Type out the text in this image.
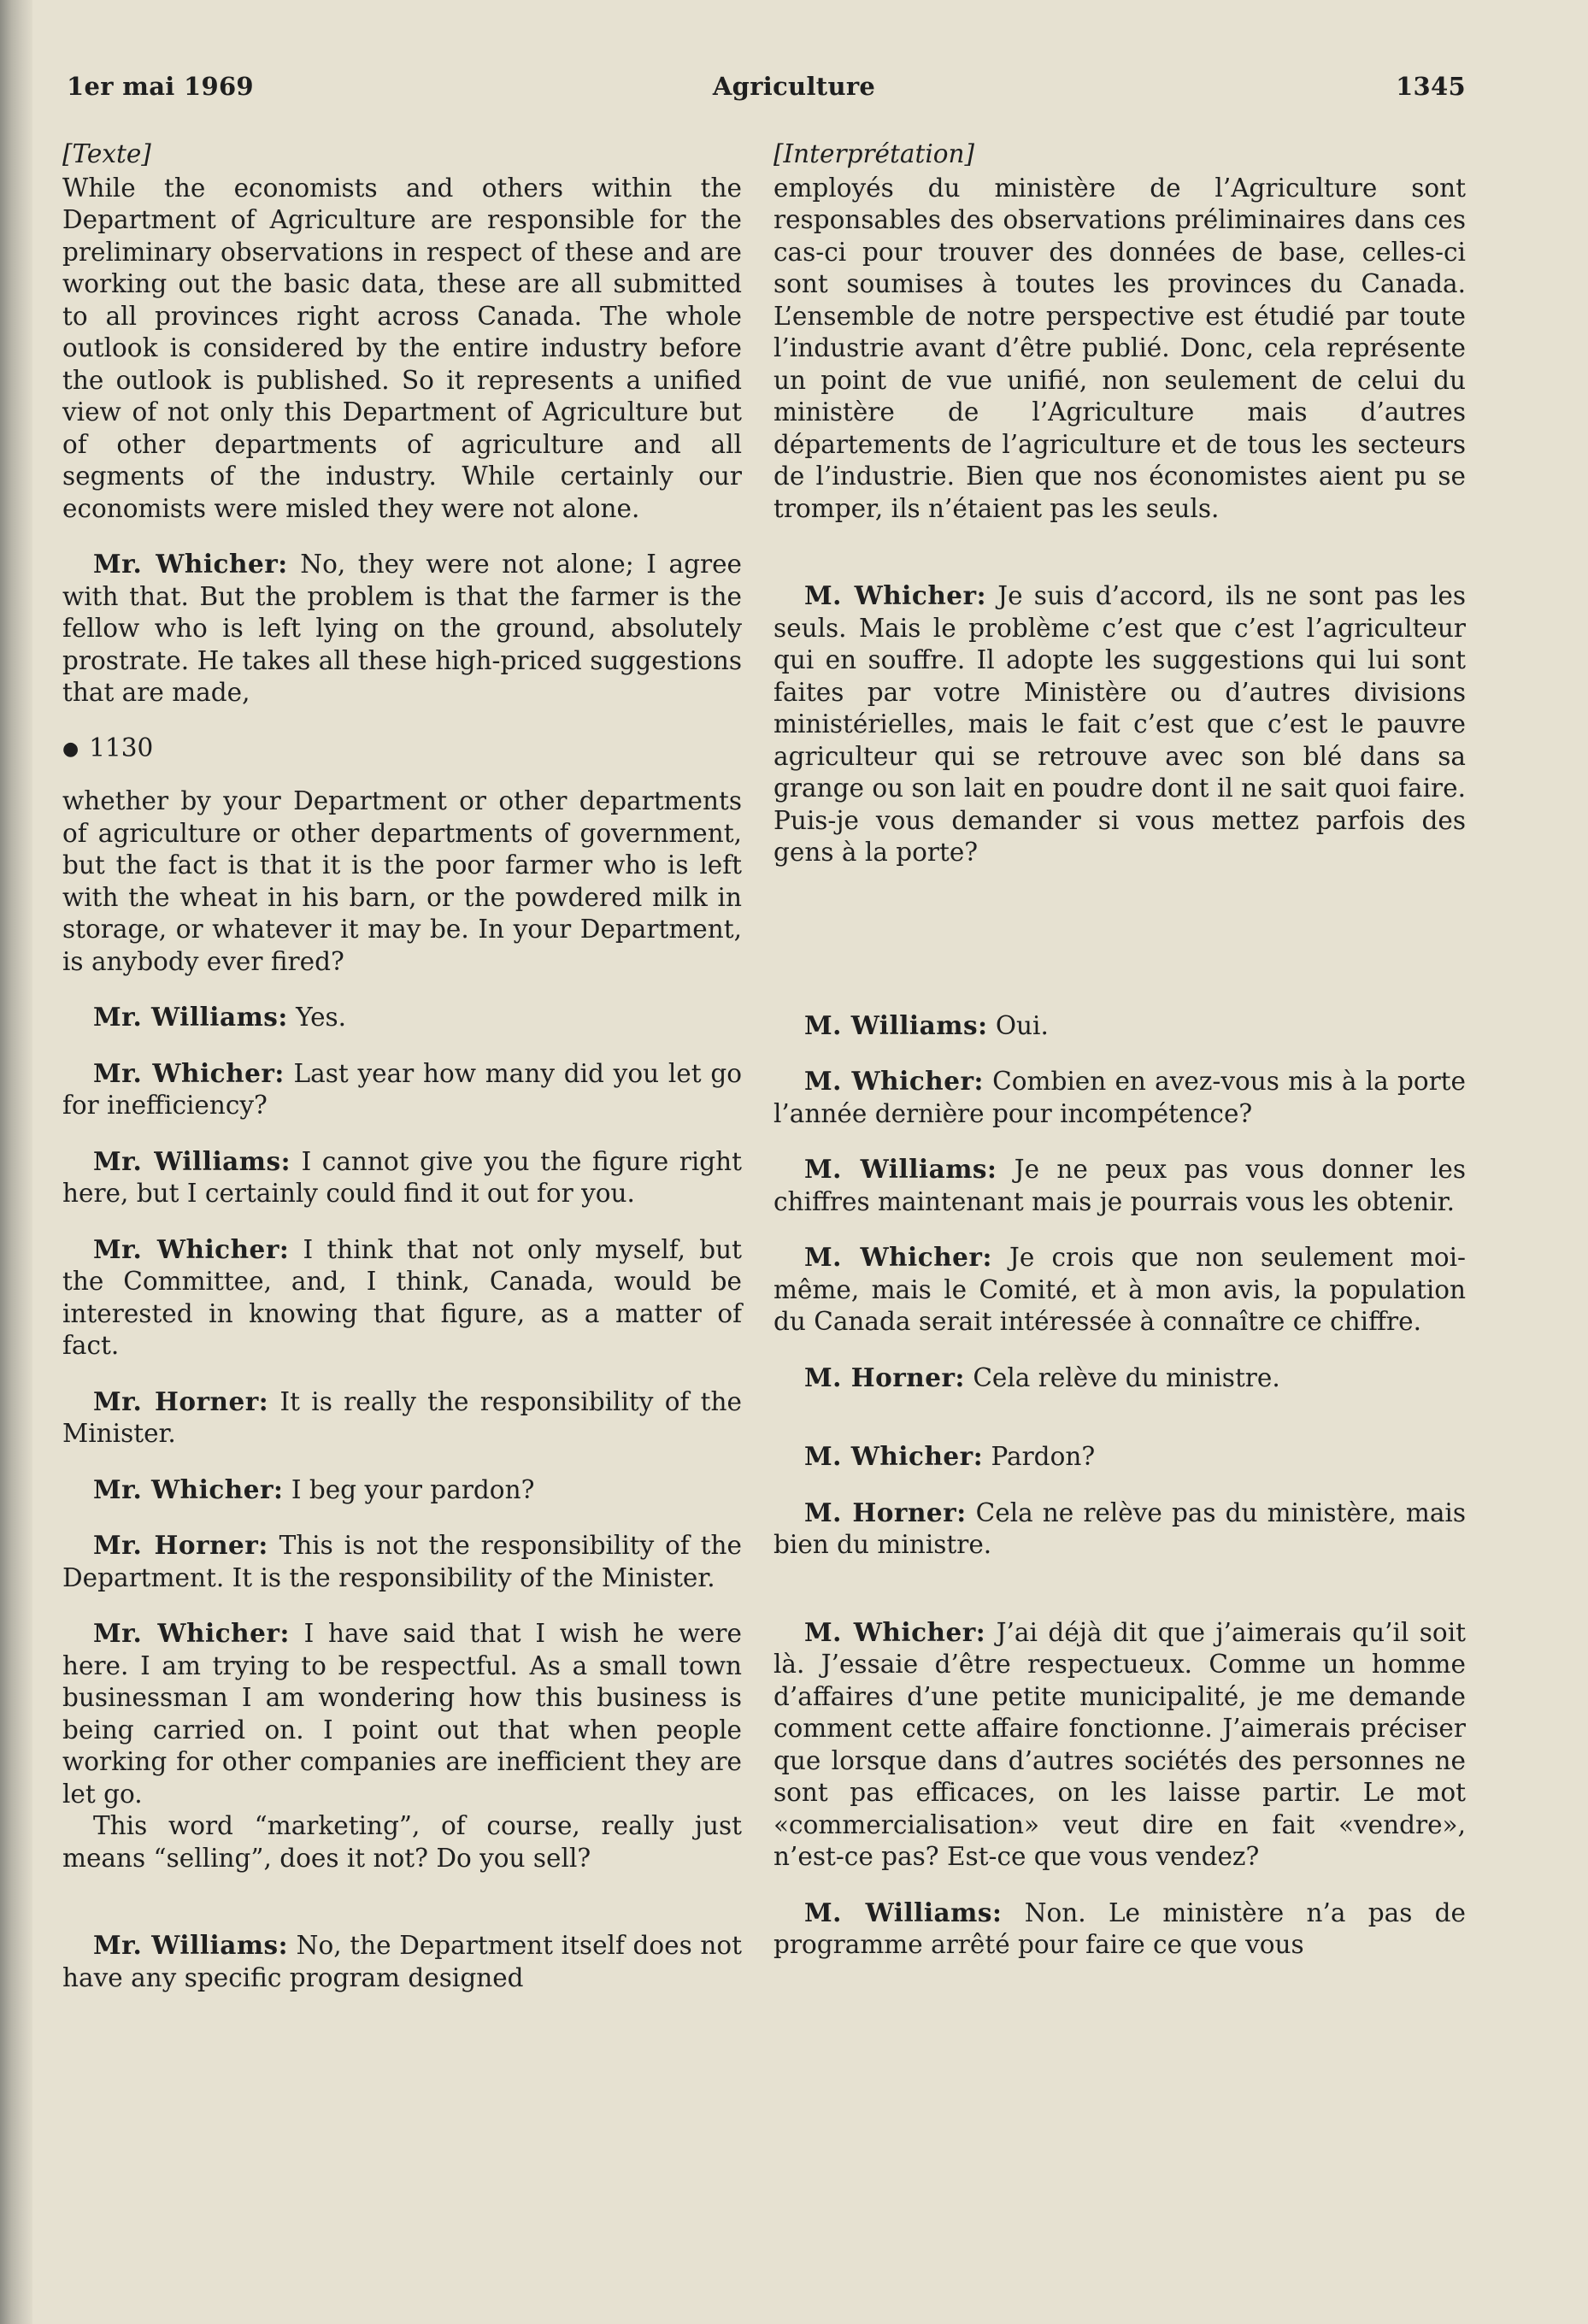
1er mai 1969	Agriculture	1345

[Texte]

While the economists and others within the Department of Agriculture are responsible for the preliminary observations in respect of these and are working out the basic data, these are all submitted to all provinces right across Canada. The whole outlook is considered by the entire industry before the outlook is published. So it represents a unified view of not only this Department of Agriculture but of other departments of agriculture and all segments of the industry. While certainly our economists were misled they were not alone.

Mr. Whicher: No, they were not alone; I agree with that. But the problem is that the farmer is the fellow who is left lying on the ground, absolutely prostrate. He takes all these high-priced suggestions that are made,

● 1130

whether by your Department or other departments of agriculture or other departments of government, but the fact is that it is the poor farmer who is left with the wheat in his barn, or the powdered milk in storage, or whatever it may be. In your Department, is anybody ever fired?

Mr. Williams: Yes.

Mr. Whicher: Last year how many did you let go for inefficiency?

Mr. Williams: I cannot give you the figure right here, but I certainly could find it out for you.

Mr. Whicher: I think that not only myself, but the Committee, and, I think, Canada, would be interested in knowing that figure, as a matter of fact.

Mr. Horner: It is really the responsibility of the Minister.

Mr. Whicher: I beg your pardon?

Mr. Horner: This is not the responsibility of the Department. It is the responsibility of the Minister.

Mr. Whicher: I have said that I wish he were here. I am trying to be respectful. As a small town businessman I am wondering how this business is being carried on. I point out that when people working for other companies are inefficient they are let go.

This word “marketing”, of course, really just means “selling”, does it not? Do you sell?

Mr. Williams: No, the Department itself does not have any specific program designed

[Interprétation]

employés du ministère de l’Agriculture sont responsables des observations préliminaires dans ces cas-ci pour trouver des données de base, celles-ci sont soumises à toutes les provinces du Canada. L’ensemble de notre perspective est étudié par toute l’industrie avant d’être publié. Donc, cela représente un point de vue unifié, non seulement de celui du ministère de l’Agriculture mais d’autres départements de l’agriculture et de tous les secteurs de l’industrie. Bien que nos économistes aient pu se tromper, ils n’étaient pas les seuls.

M. Whicher: Je suis d’accord, ils ne sont pas les seuls. Mais le problème c’est que c’est l’agriculteur qui en souffre. Il adopte les suggestions qui lui sont faites par votre Ministère ou d’autres divisions ministérielles, mais le fait c’est que c’est le pauvre agriculteur qui se retrouve avec son blé dans sa grange ou son lait en poudre dont il ne sait quoi faire. Puis-je vous demander si vous mettez parfois des gens à la porte?

M. Williams: Oui.

M. Whicher: Combien en avez-vous mis à la porte l’année dernière pour incompétence?

M. Williams: Je ne peux pas vous donner les chiffres maintenant mais je pourrais vous les obtenir.

M. Whicher: Je crois que non seulement moi-même, mais le Comité, et à mon avis, la population du Canada serait intéressée à connaître ce chiffre.

M. Horner: Cela relève du ministre.

M. Whicher: Pardon?

M. Horner: Cela ne relève pas du ministère, mais bien du ministre.

M. Whicher: J’ai déjà dit que j’aimerais qu’il soit là. J’essaie d’être respectueux. Comme un homme d’affaires d’une petite municipalité, je me demande comment cette affaire fonctionne. J’aimerais préciser que lorsque dans d’autres sociétés des personnes ne sont pas efficaces, on les laisse partir. Le mot «commercialisation» veut dire en fait «vendre», n’est-ce pas? Est-ce que vous vendez?

M. Williams: Non. Le ministère n’a pas de programme arrêté pour faire ce que vous
